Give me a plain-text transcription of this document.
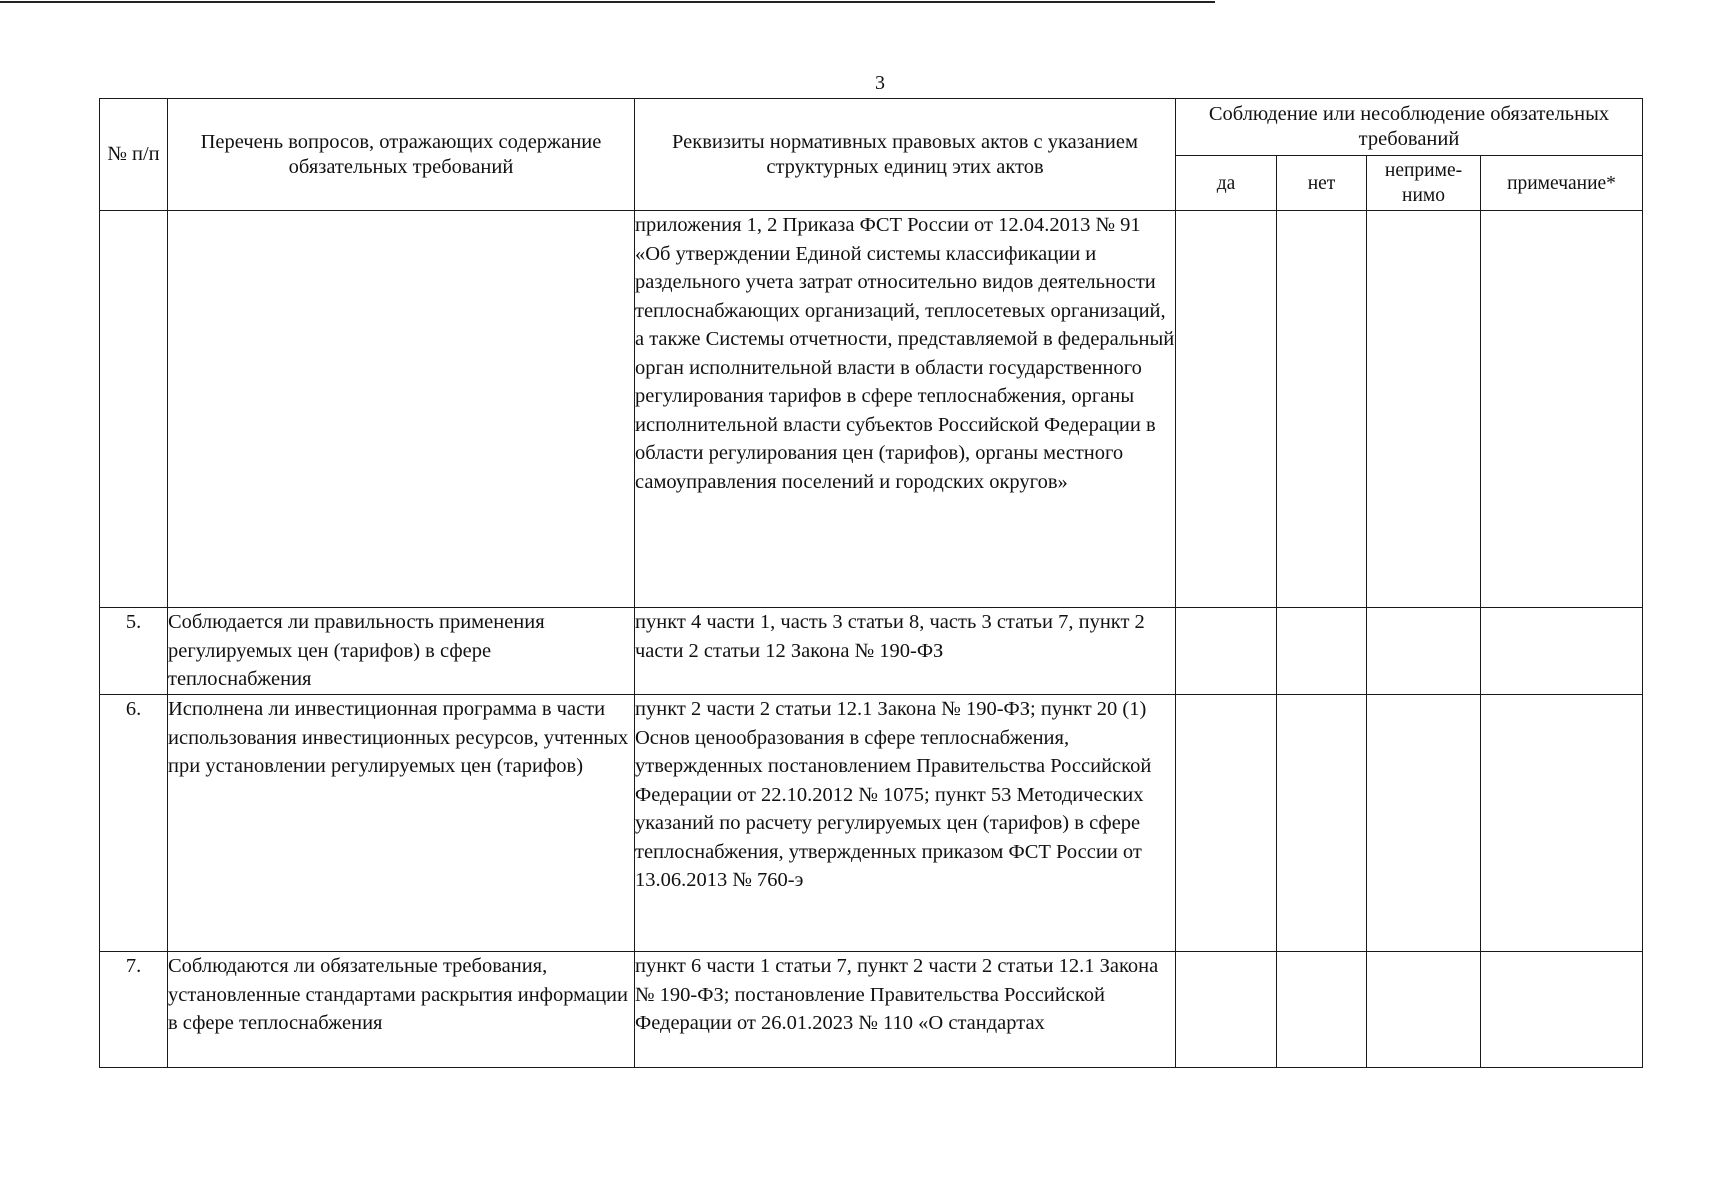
3
№ п/п	Перечень вопросов, отражающих содержание обязательных требований	Реквизиты нормативных правовых актов с указанием структурных единиц этих актов	Соблюдение или несоблюдение обязательных требований			
			да	нет	неприме-нимо	примечание*
		приложения 1, 2 Приказа ФСТ России от 12.04.2013 № 91 «Об утверждении Единой системы классификации и раздельного учета затрат относительно видов деятельности теплоснабжающих организаций, теплосетевых организаций, а также Системы отчетности, представляемой в федеральный орган исполнительной власти в области государственного регулирования тарифов в сфере теплоснабжения, органы исполнительной власти субъектов Российской Федерации в области регулирования цен (тарифов), органы местного самоуправления поселений и городских округов»				
5.	Соблюдается ли правильность применения регулируемых цен (тарифов) в сфере теплоснабжения	пункт 4 части 1, часть 3 статьи 8, часть 3 статьи 7, пункт 2 части 2 статьи 12 Закона № 190-ФЗ				
6.	Исполнена ли инвестиционная программа в части использования инвестиционных ресурсов, учтенных при установлении регулируемых цен (тарифов)	пункт 2 части 2 статьи 12.1 Закона № 190-ФЗ; пункт 20 (1) Основ ценообразования в сфере теплоснабжения, утвержденных постановлением Правительства Российской Федерации от 22.10.2012 № 1075; пункт 53 Методических указаний по расчету регулируемых цен (тарифов) в сфере теплоснабжения, утвержденных приказом ФСТ России от 13.06.2013 № 760-э				
7.	Соблюдаются ли обязательные требования, установленные стандартами раскрытия информации в сфере теплоснабжения	пункт 6 части 1 статьи 7, пункт 2 части 2 статьи 12.1 Закона № 190-ФЗ; постановление Правительства Российской Федерации от 26.01.2023 № 110 «О стандартах				
